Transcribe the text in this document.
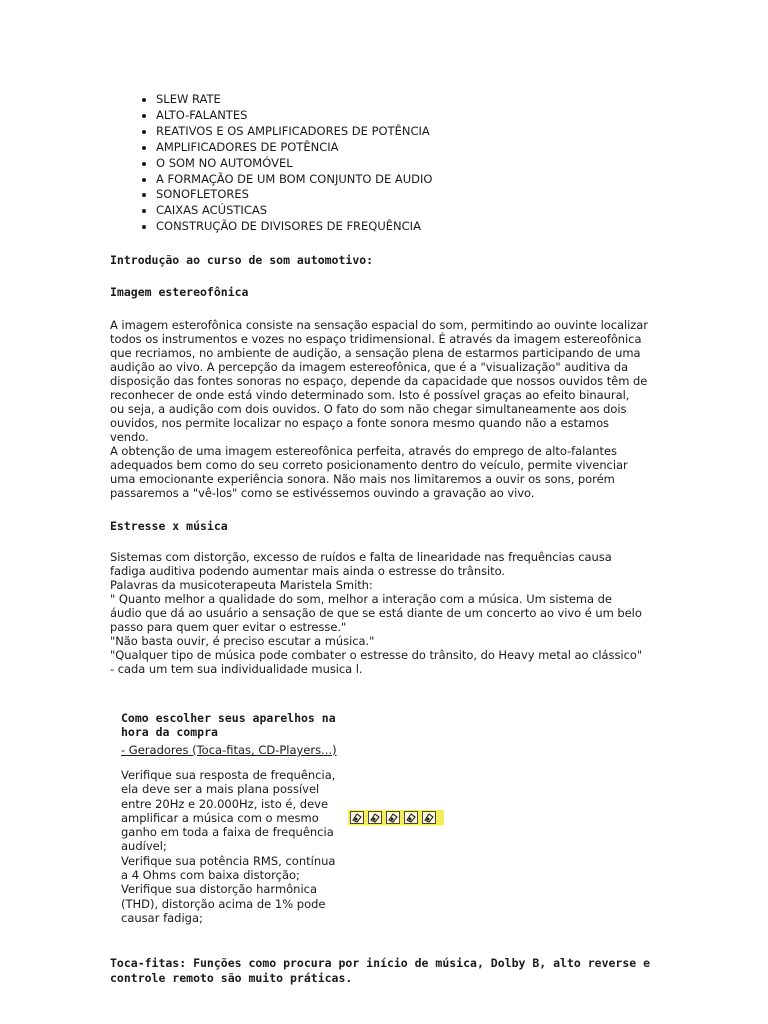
• SLEW RATE
• ALTO-FALANTES
• REATIVOS E OS AMPLIFICADORES DE POTÊNCIA
• AMPLIFICADORES DE POTÊNCIA
• O SOM NO AUTOMÓVEL
• A FORMAÇÃO DE UM BOM CONJUNTO DE AUDIO
• SONOFLETORES
• CAIXAS ACÚSTICAS
• CONSTRUÇÃO DE DIVISORES DE FREQUÊNCIA

Introdução ao curso de som automotivo:

Imagem estereofônica

A imagem esterofônica consiste na sensação espacial do som, permitindo ao ouvinte localizar
todos os instrumentos e vozes no espaço tridimensional. É através da imagem estereofônica
que recriamos, no ambiente de audição, a sensação plena de estarmos participando de uma
audição ao vivo. A percepção da imagem estereofônica, que é a "visualização" auditiva da
disposição das fontes sonoras no espaço, depende da capacidade que nossos ouvidos têm de
reconhecer de onde está vindo determinado som. Isto é possível graças ao efeito binaural,
ou seja, a audição com dois ouvidos. O fato do som não chegar simultaneamente aos dois
ouvidos, nos permite localizar no espaço a fonte sonora mesmo quando não a estamos
vendo.
A obtenção de uma imagem estereofônica perfeita, através do emprego de alto-falantes
adequados bem como do seu correto posicionamento dentro do veículo, permite vivenciar
uma emocionante experiência sonora. Não mais nos limitaremos a ouvir os sons, porém
passaremos a "vê-los" como se estivéssemos ouvindo a gravação ao vivo.

Estresse x música

Sistemas com distorção, excesso de ruídos e falta de linearidade nas frequências causa
fadiga auditiva podendo aumentar mais ainda o estresse do trânsito.
Palavras da musicoterapeuta Maristela Smith:
" Quanto melhor a qualidade do som, melhor a interação com a música. Um sistema de
áudio que dá ao usuário a sensação de que se está diante de um concerto ao vivo é um belo
passo para quem quer evitar o estresse."
"Não basta ouvir, é preciso escutar a música."
"Qualquer tipo de música pode combater o estresse do trânsito, do Heavy metal ao clássico"
- cada um tem sua individualidade musica l.

Como escolher seus aparelhos na
hora da compra

- Geradores (Toca-fitas, CD-Players...)
Verifique sua resposta de frequência,
ela deve ser a mais plana possível
entre 20Hz e 20.000Hz, isto é, deve
amplificar a música com o mesmo
ganho em toda a faixa de frequência
audível;
Verifique sua potência RMS, contínua
a 4 Ohms com baixa distorção;
Verifique sua distorção harmônica
(THD), distorção acima de 1% pode
causar fadiga;

Toca-fitas: Funções como procura por início de música, Dolby B, alto reverse e
controle remoto são muito práticas.
